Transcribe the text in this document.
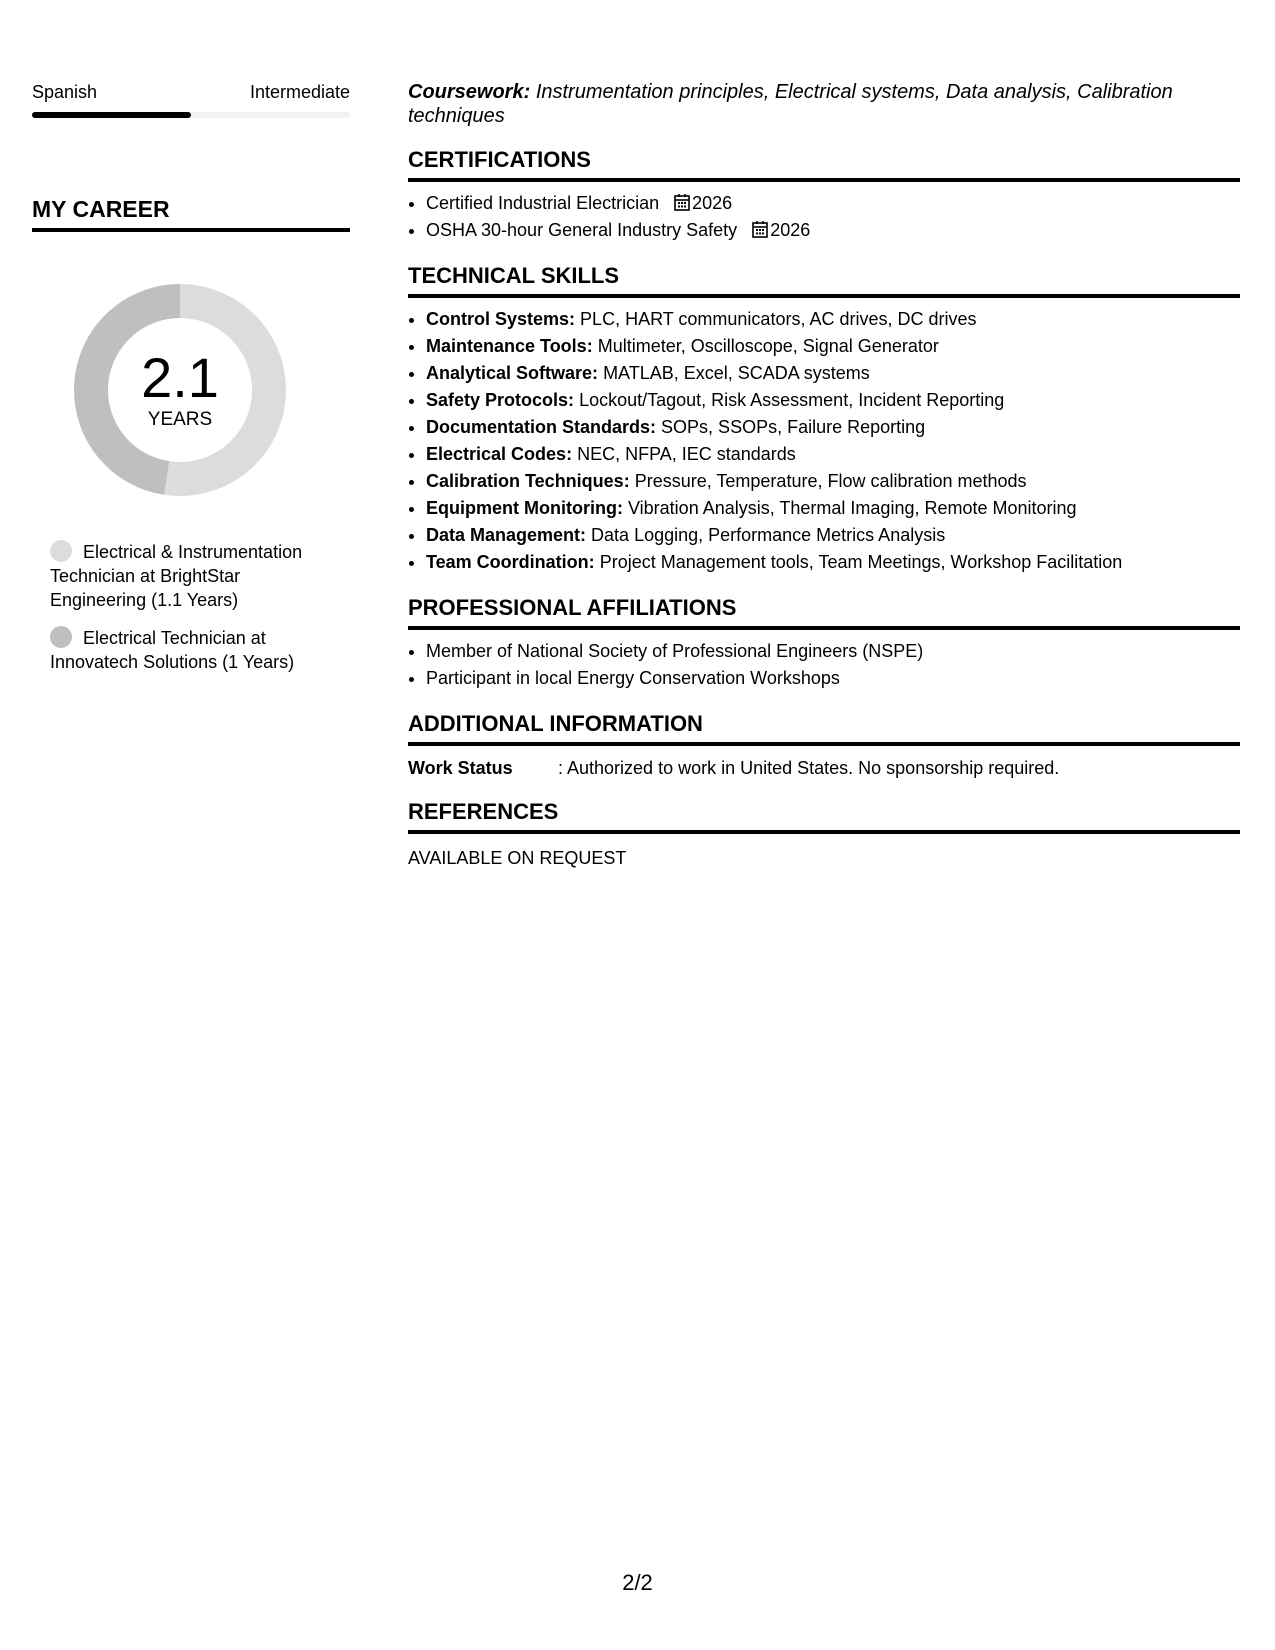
Spanish	Intermediate
MY CAREER
2.1
YEARS
Electrical & Instrumentation Technician at BrightStar Engineering (1.1 Years)
Electrical Technician at Innovatech Solutions (1 Years)
Coursework: Instrumentation principles, Electrical systems, Data analysis, Calibration techniques
CERTIFICATIONS
• Certified Industrial Electrician 2026
• OSHA 30-hour General Industry Safety 2026
TECHNICAL SKILLS
• Control Systems: PLC, HART communicators, AC drives, DC drives
• Maintenance Tools: Multimeter, Oscilloscope, Signal Generator
• Analytical Software: MATLAB, Excel, SCADA systems
• Safety Protocols: Lockout/Tagout, Risk Assessment, Incident Reporting
• Documentation Standards: SOPs, SSOPs, Failure Reporting
• Electrical Codes: NEC, NFPA, IEC standards
• Calibration Techniques: Pressure, Temperature, Flow calibration methods
• Equipment Monitoring: Vibration Analysis, Thermal Imaging, Remote Monitoring
• Data Management: Data Logging, Performance Metrics Analysis
• Team Coordination: Project Management tools, Team Meetings, Workshop Facilitation
PROFESSIONAL AFFILIATIONS
• Member of National Society of Professional Engineers (NSPE)
• Participant in local Energy Conservation Workshops
ADDITIONAL INFORMATION
Work Status	: Authorized to work in United States. No sponsorship required.
REFERENCES
AVAILABLE ON REQUEST
2/2
